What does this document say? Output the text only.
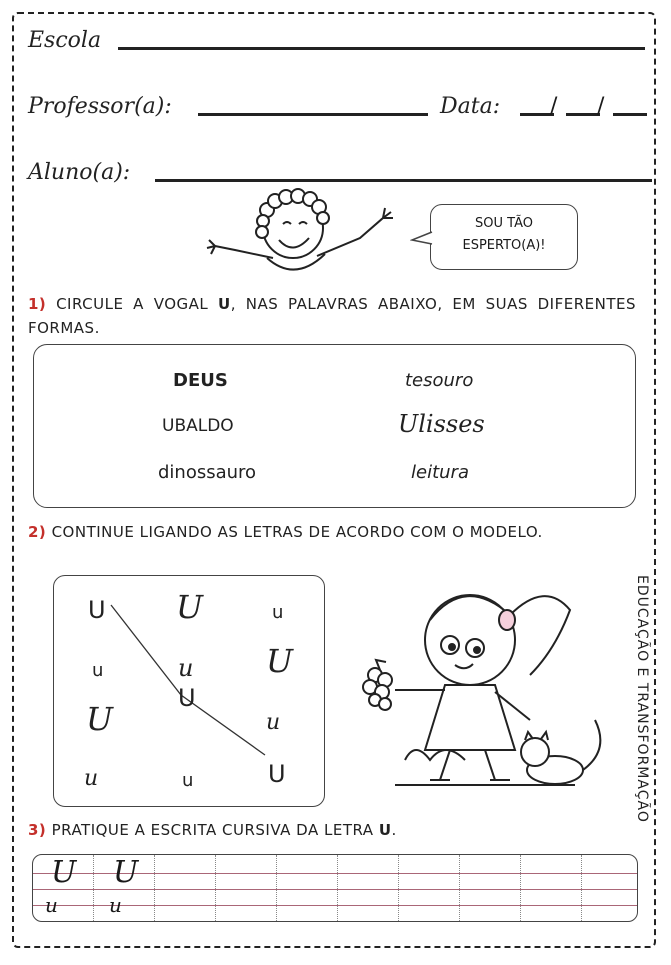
Escola
Professor(a):	Data: / /
Aluno(a):
SOU TÃO
ESPERTO(A)!
1) CIRCULE A VOGAL U, NAS PALAVRAS ABAIXO, EM SUAS DIFERENTES FORMAS.
DEUS	tesouro
UBALDO	Ulisses
dinossauro	leitura
2) CONTINUE LIGANDO AS LETRAS DE ACORDO COM O MODELO.
U U	u
u	u U
U
U
u
u	u	U	EDUCAÇÃO E TRANSFORMAÇÃO
3) PRATIQUE A ESCRITA CURSIVA DA LETRA U.
U U
u	u
